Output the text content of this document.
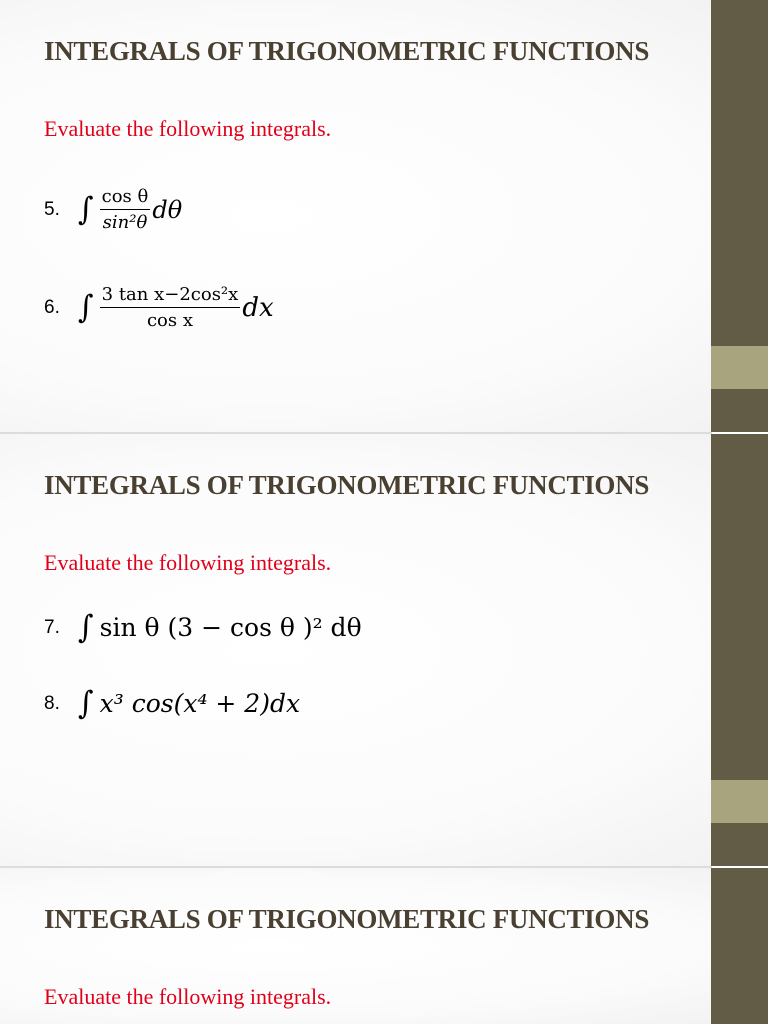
INTEGRALS OF TRIGONOMETRIC FUNCTIONS
Evaluate the following integrals.
5. ∫ $\frac{\text{cos θ}}{\text{sin²θ}}$ dθ
6. ∫ $\frac{\text{3 tan x−2cos²x}}{\text{cos x}}$ dx
INTEGRALS OF TRIGONOMETRIC FUNCTIONS
Evaluate the following integrals.
7. ∫ sin θ (3 − cos θ )² dθ
8. ∫ x³ cos(x⁴ + 2)dx
INTEGRALS OF TRIGONOMETRIC FUNCTIONS
Evaluate the following integrals.
